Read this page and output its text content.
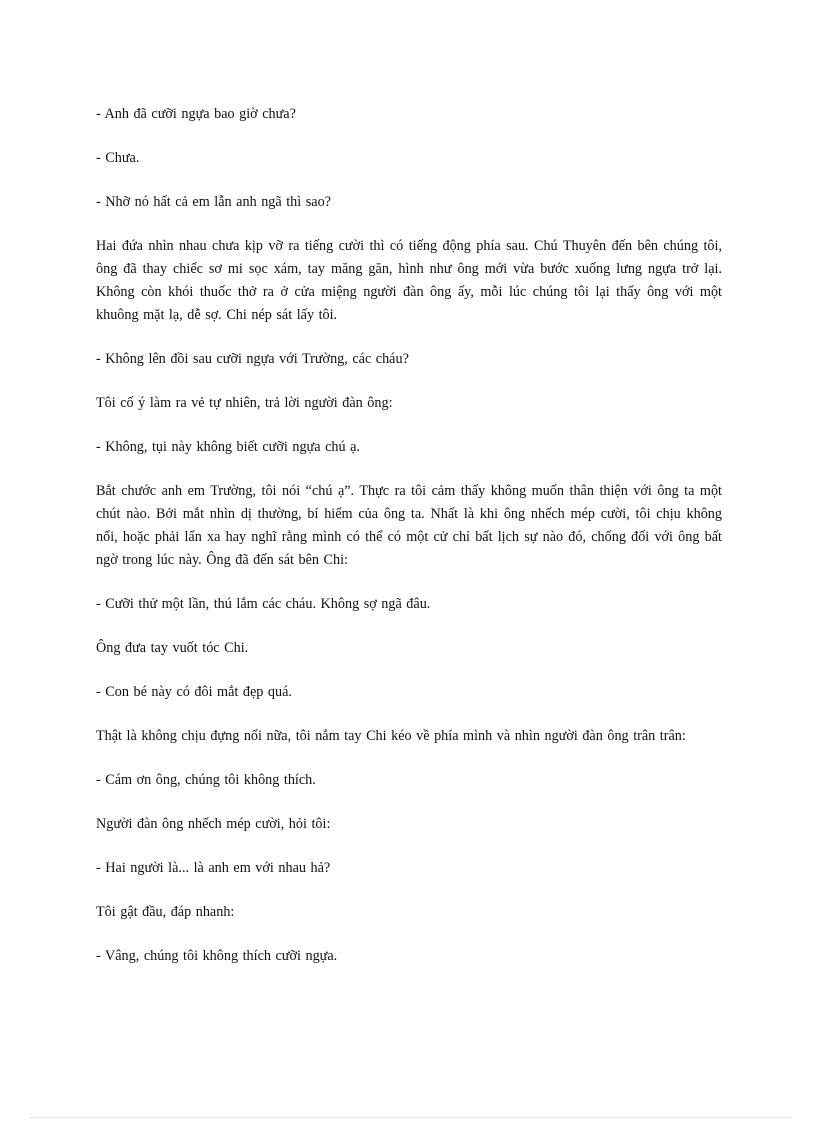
- Anh đã cưỡi ngựa bao giờ chưa?

- Chưa.

- Nhỡ nó hất cả em lẫn anh ngã thì sao?

Hai đứa nhìn nhau chưa kịp vỡ ra tiếng cười thì có tiếng động phía sau. Chú Thuyên đến bên chúng tôi, ông đã thay chiếc sơ mi sọc xám, tay măng găn, hình như ông mới vừa bước xuống lưng ngựa trở lại. Không còn khói thuốc thở ra ở cửa miệng người đàn ông ấy, mỗi lúc chúng tôi lại thấy ông với một khuông mặt lạ, dễ sợ. Chi nép sát lấy tôi.

- Không lên đồi sau cưỡi ngựa với Trường, các cháu?

Tôi cố ý làm ra vẻ tự nhiên, trả lời người đàn ông:

- Không, tụi này không biết cưỡi ngựa chú ạ.

Bắt chước anh em Trường, tôi nói “chú ạ”. Thực ra tôi cảm thấy không muốn thân thiện với ông ta một chút nào. Bởi mắt nhìn dị thường, bí hiểm của ông ta. Nhất là khi ông nhếch mép cười, tôi chịu không nổi, hoặc phải lẩn xa hay nghĩ rằng mình có thể có một cử chỉ bất lịch sự nào đó, chống đối với ông bất ngờ trong lúc này. Ông đã đến sát bên Chi:

- Cưỡi thử một lần, thú lắm các cháu. Không sợ ngã đâu.

Ông đưa tay vuốt tóc Chi.

- Con bé này có đôi mắt đẹp quá.

Thật là không chịu đựng nổi nữa, tôi nắm tay Chi kéo về phía mình và nhìn người đàn ông trân trân:

- Cám ơn ông, chúng tôi không thích.

Người đàn ông nhếch mép cười, hỏi tôi:

- Hai người là... là anh em với nhau hả?

Tôi gật đầu, đáp nhanh:

- Vâng, chúng tôi không thích cưỡi ngựa.
